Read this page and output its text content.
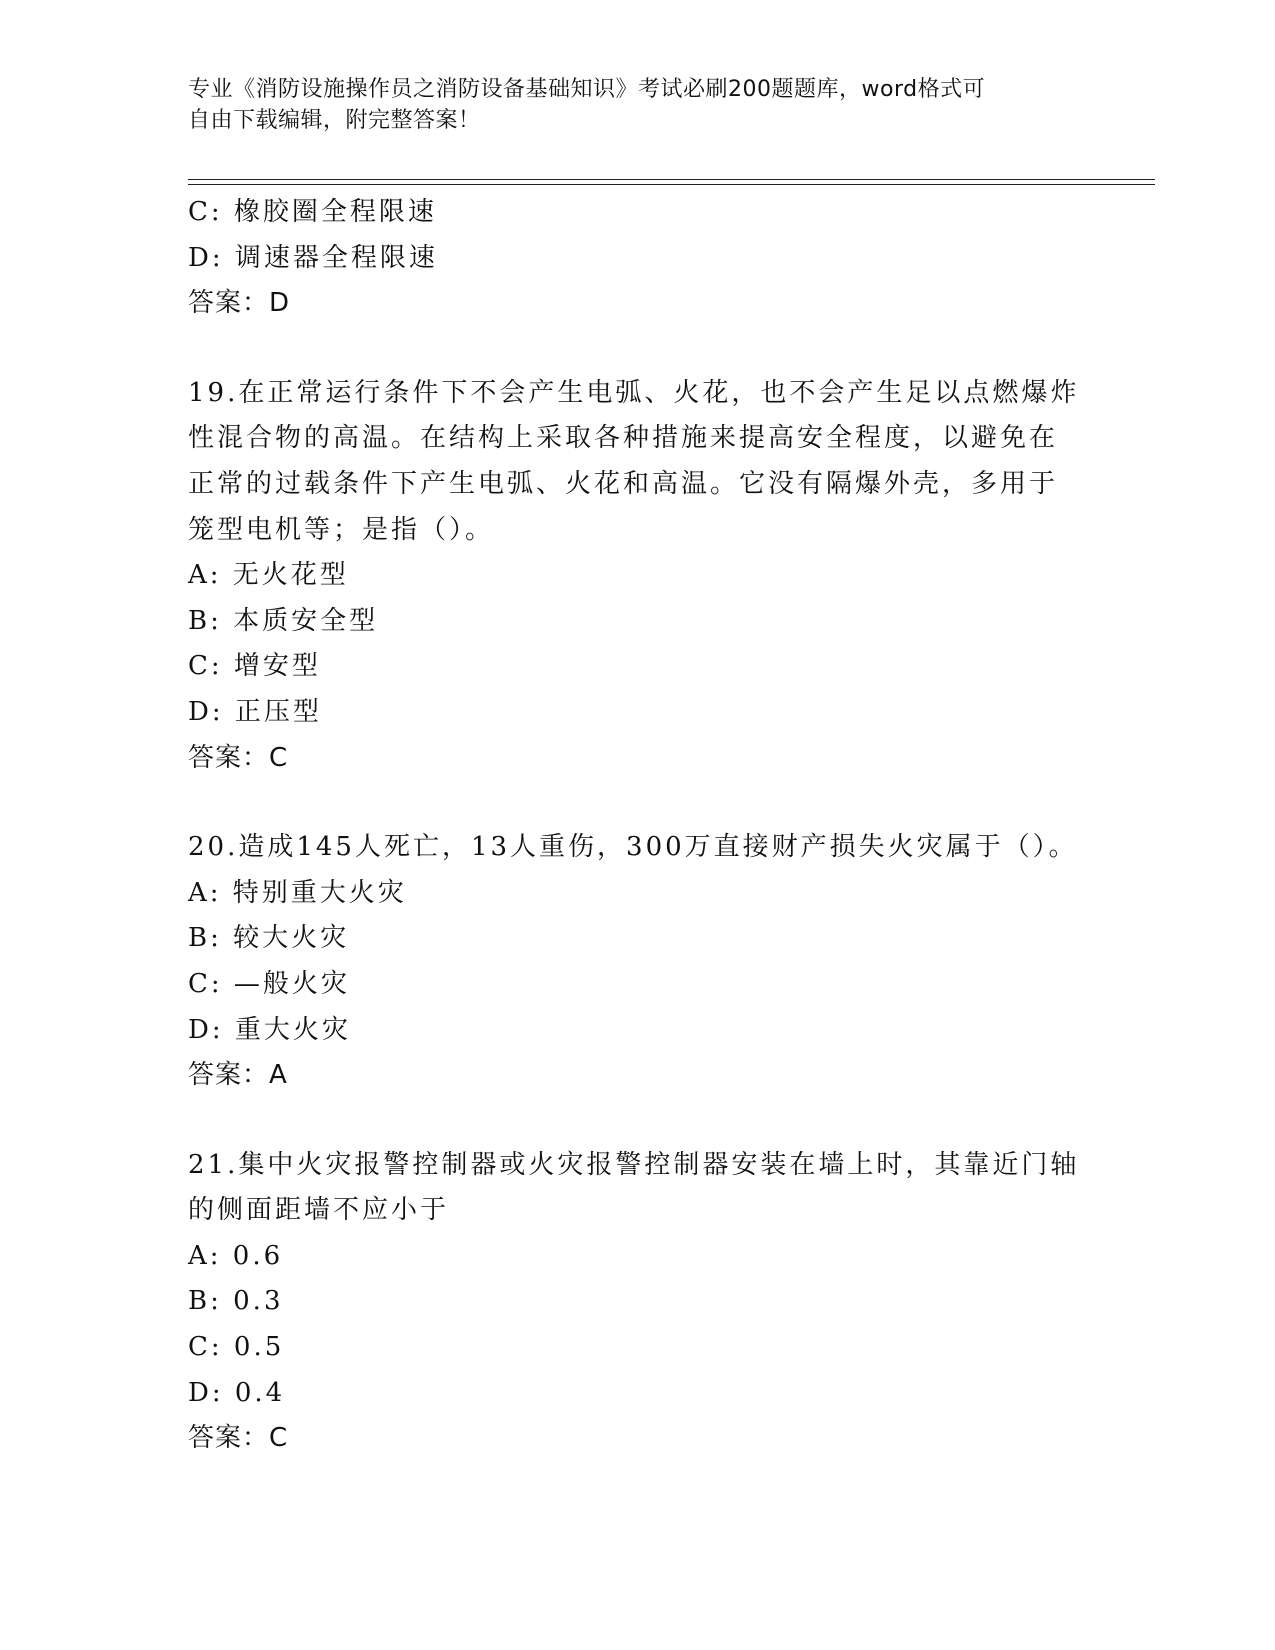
专业《消防设施操作员之消防设备基础知识》考试必刷200题题库，word格式可
自由下载编辑，附完整答案！
C: 橡胶圈全程限速
D: 调速器全程限速
答案：D
19.在正常运行条件下不会产生电弧、火花，也不会产生足以点燃爆炸
性混合物的高温。在结构上采取各种措施来提高安全程度，以避免在
正常的过载条件下产生电弧、火花和高温。它没有隔爆外壳，多用于
笼型电机等；是指（）。
A: 无火花型
B: 本质安全型
C: 增安型
D: 正压型
答案：C
20.造成145人死亡，13人重伤，300万直接财产损失火灾属于（）。
A: 特别重大火灾
B: 较大火灾
C: —般火灾
D: 重大火灾
答案：A
21.集中火灾报警控制器或火灾报警控制器安装在墙上时，其靠近门轴
的侧面距墙不应小于
A: 0.6
B: 0.3
C: 0.5
D: 0.4
答案：C
